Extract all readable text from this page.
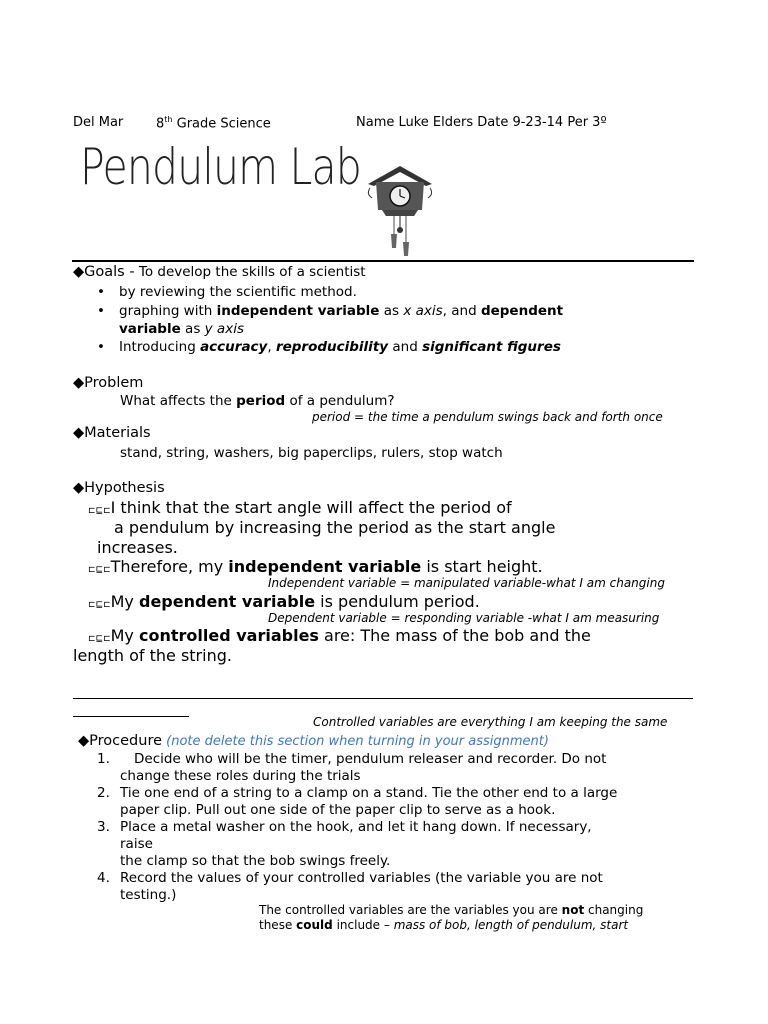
Del Mar	8th Grade Science	Name Luke Elders Date 9-23-14 Per 3º
Pendulum Lab
◆Goals - To develop the skills of a scientist
• by reviewing the scientific method.
• graphing with independent variable as x axis, and dependent
variable as y axis
• Introducing accuracy, reproducibility and significant figures
◆Problem
What affects the period of a pendulum?
period = the time a pendulum swings back and forth once
◆Materials
stand, string, washers, big paperclips, rulers, stop watch
◆Hypothesis
⊏⊑⊏I think that the start angle will affect the period of
a pendulum by increasing the period as the start angle
increases.
⊏⊑⊏Therefore, my independent variable is start height.
Independent variable = manipulated variable-what I am changing
⊏⊑⊏My dependent variable is pendulum period.
Dependent variable = responding variable -what I am measuring
⊏⊑⊏My controlled variables are: The mass of the bob and the
length of the string.
Controlled variables are everything I am keeping the same
◆Procedure (note delete this section when turning in your assignment)
1. Decide who will be the timer, pendulum releaser and recorder. Do not
change these roles during the trials
2. Tie one end of a string to a clamp on a stand. Tie the other end to a large
paper clip. Pull out one side of the paper clip to serve as a hook.
3. Place a metal washer on the hook, and let it hang down. If necessary,
raise
the clamp so that the bob swings freely.
4. Record the values of your controlled variables (the variable you are not
testing.)
The controlled variables are the variables you are not changing
these could include – mass of bob, length of pendulum, start
